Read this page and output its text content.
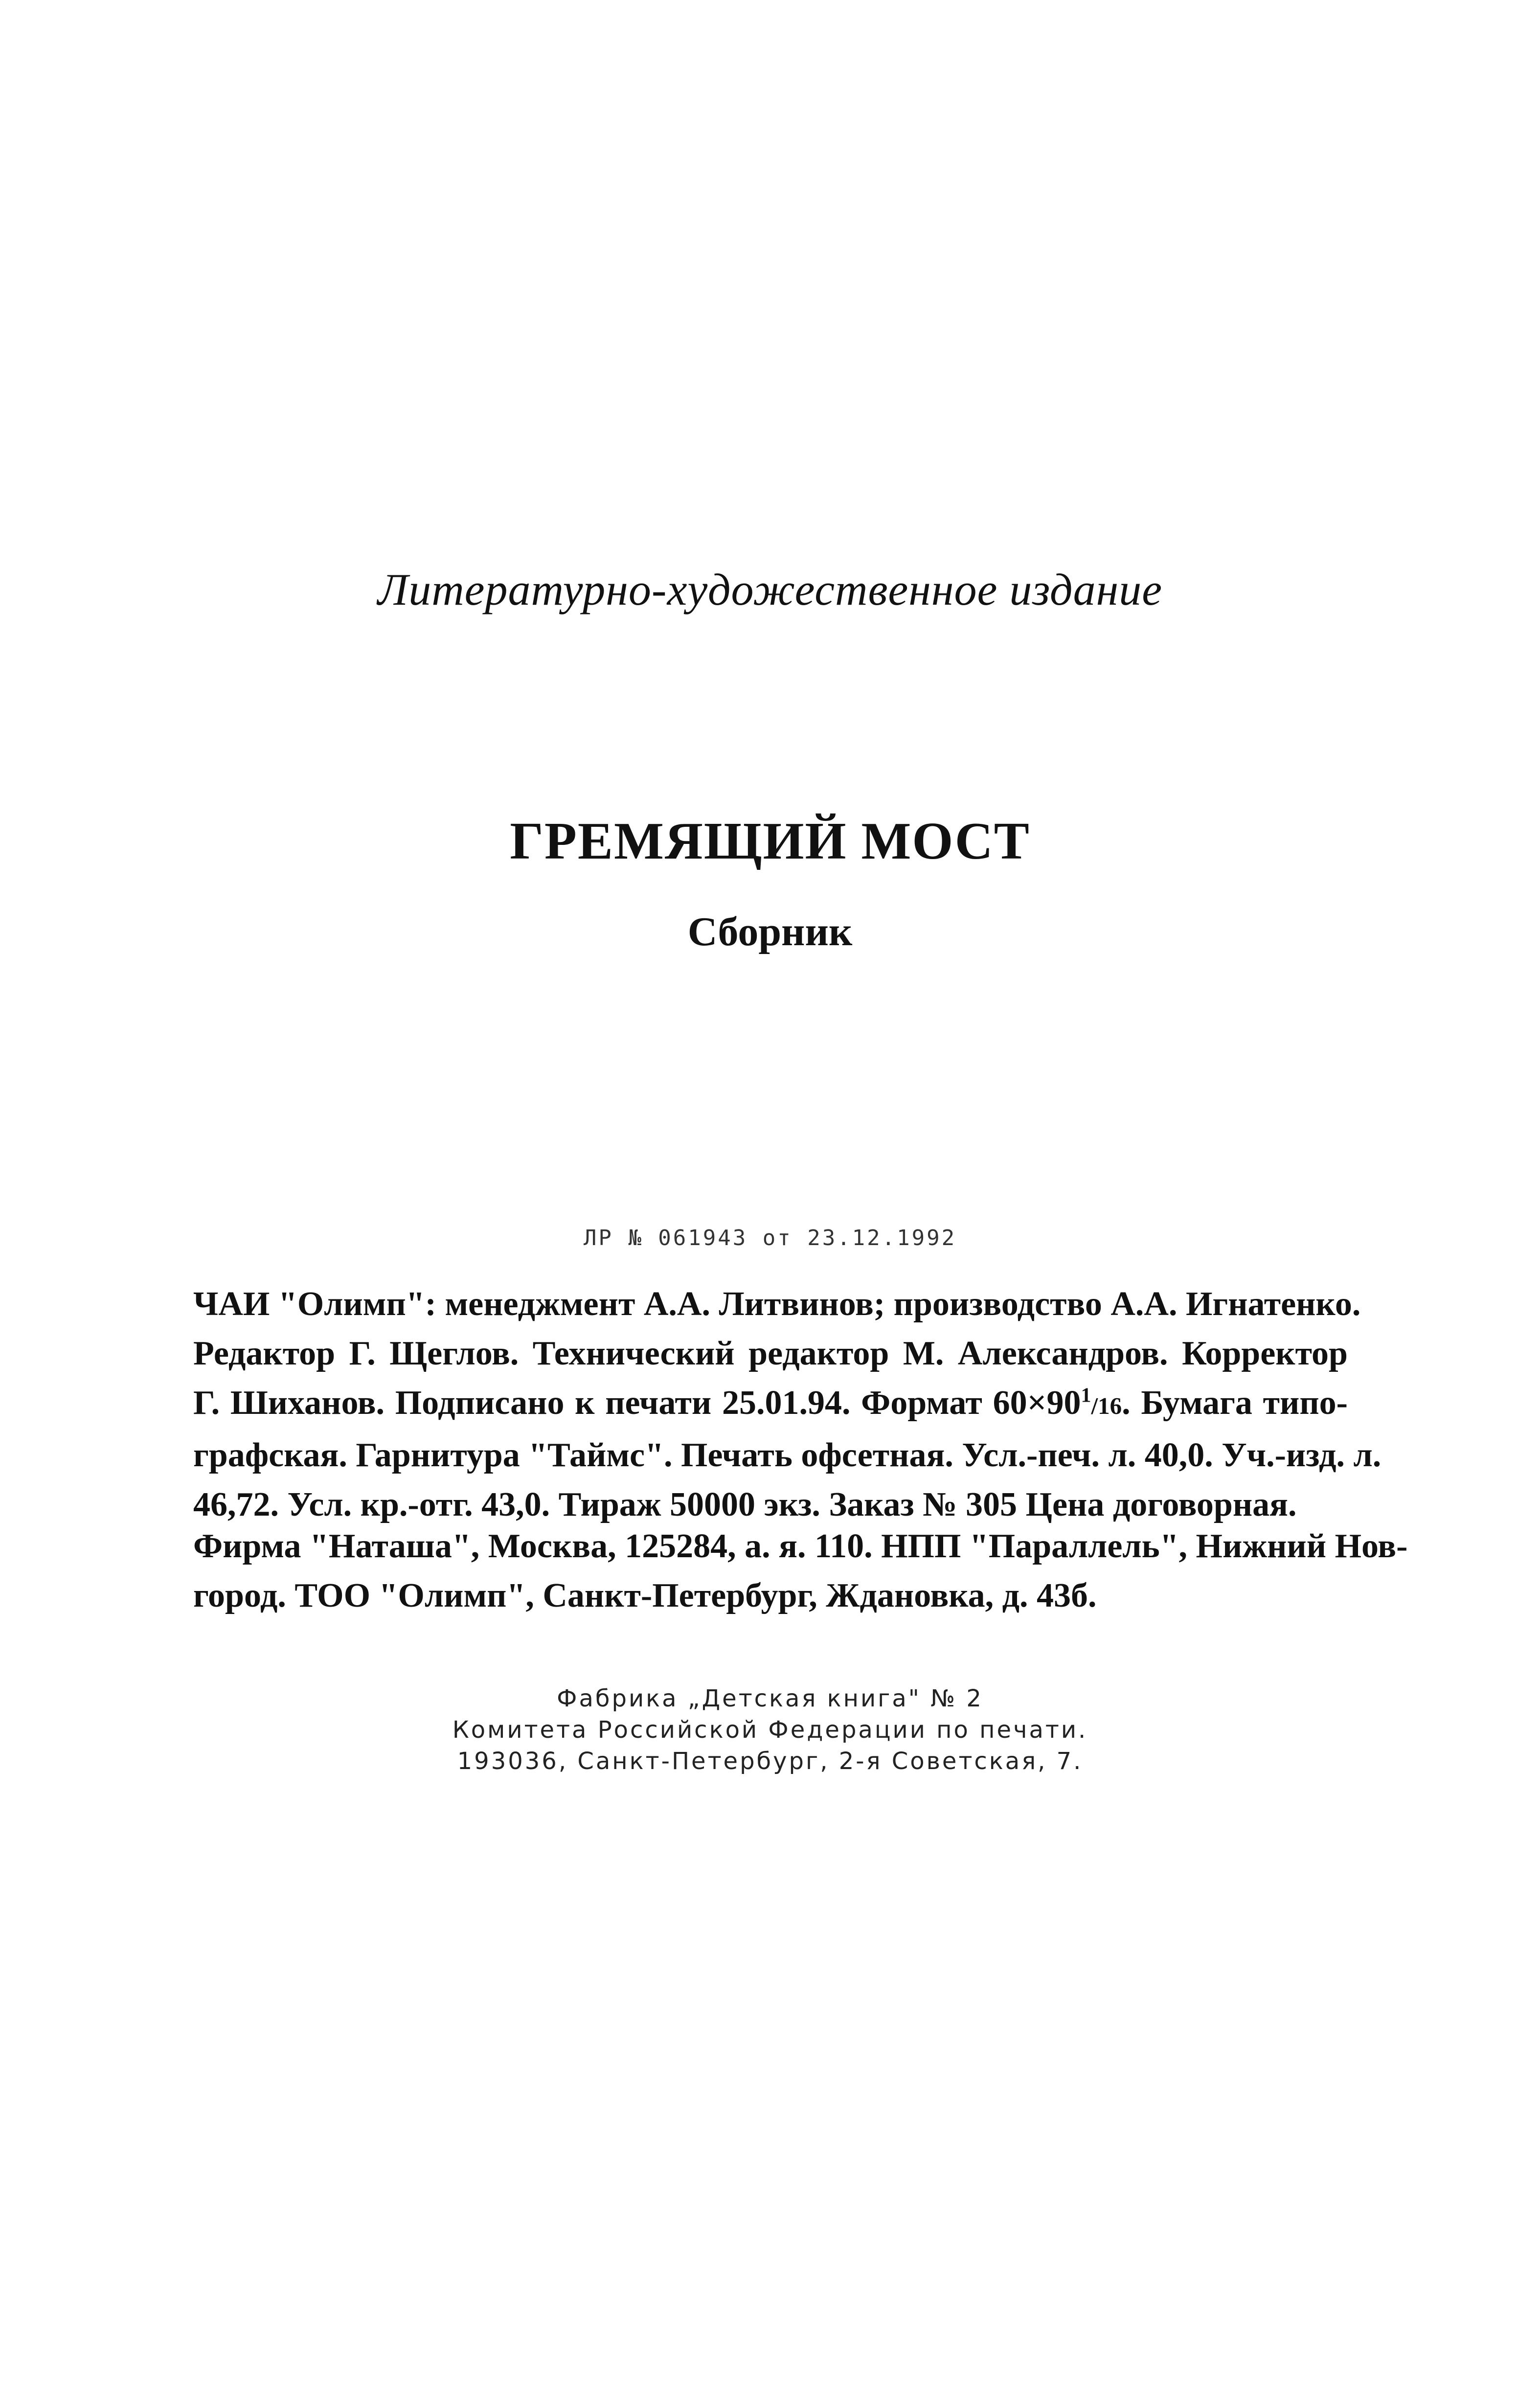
Литературно-художественное издание
ГРЕМЯЩИЙ МОСТ
Сборник
ЛР № 061943 от 23.12.1992
ЧАИ "Олимп": менеджмент А.А. Литвинов; производство А.А. Игнатенко.
Редактор Г. Щеглов. Технический редактор М. Александров. Корректор
Г. Шиханов. Подписано к печати 25.01.94. Формат $60\times 90^1/16$. Бумага типо-
графская. Гарнитура "Таймс". Печать офсетная. Усл.-печ. л. 40,0. Уч.-изд. л.
46,72. Усл. кр.-отг. 43,0. Тираж 50000 экз. Заказ № 305 Цена договорная.
Фирма "Наташа", Москва, 125284, а. я. 110. НПП "Параллель", Нижний Нов-
город. ТОО "Олимп", Санкт-Петербург, Ждановка, д. 43б.
Фабрика „Детская книга" № 2
Комитета Российской Федерации по печати.
193036, Санкт-Петербург, 2-я Советская, 7.
